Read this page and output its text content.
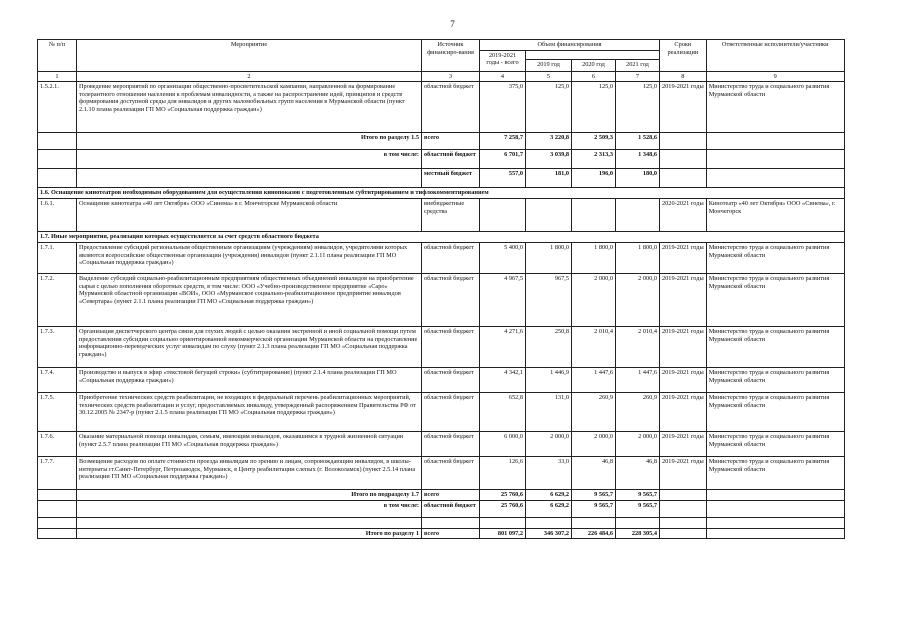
7
№ п/п	Мероприятие	Источник финансиро-вания	Объем финансирования				Сроки реализации	Ответственные исполнители/участники
			2019-2021 годы - всего					
				2019 год	2020 год	2021 год		
1	2	3	4	5	6	7	8	9
1.5.2.1.	Проведение мероприятий по организации общественно-просветительской кампании, направленной на формирование толерантного отношения населения к проблемам инвалидности, а также на распространение идей, принципов и средств формирования доступной среды для инвалидов и других маломобильных групп населения в Мурманской области (пункт 2.1.10 плана реализации ГП МО «Социальная поддержка граждан»)	областной бюджет	375,0	125,0	125,0	125,0	2019-2021 годы	Министерство труда и социального развития Мурманской области
	Итого по разделу 1.5	всего	7 258,7	3 220,8	2 509,3	1 528,6		
	в том числе:	областной бюджет	6 701,7	3 039,8	2 313,3	1 348,6		
		местный бюджет	557,0	181,0	196,0	180,0		
1.6. Оснащение кинотеатров необходимым оборудованием для осуществления кинопоказов с подготовленным субтитрированием и тифлокомментированием								
1.6.1.	Оснащение кинотеатра «40 лет Октября» ООО «Синема» в г. Мончегорске Мурманской области	внебюджетные средства					2020-2021 годы	Кинотеатр «40 лет Октября» ООО «Синема», г. Мончегорск
1.7. Иные мероприятия, реализация которых осуществляется за счет средств областного бюджета								
1.7.1.	Предоставление субсидий региональным общественным организациям (учреждениям) инвалидов, учредителями которых являются всероссийские общественные организации (учреждения) инвалидов (пункт 2.1.11 плана реализации ГП МО «Социальная поддержка граждан»)	областной бюджет	5 400,0	1 800,0	1 800,0	1 800,0	2019-2021 годы	Министерство труда и социального развития Мурманской области
1.7.2.	Выделение субсидий социально-реабилитационным предприятиям общественных объединений инвалидов на приобретение сырья с целью пополнения оборотных средств, в том числе: ООО «Учебно-производственное предприятие «Саро» Мурманской областной организации «ВОИ», ООО «Мурманское социально-реабилитационное предприятие инвалидов «Севертара» (пункт 2.1.1 плана реализации ГП МО «Социальная поддержка граждан»)	областной бюджет	4 967,5	967,5	2 000,0	2 000,0	2019-2021 годы	Министерство труда и социального развития Мурманской области
1.7.3.	Организация диспетчерского центра связи для глухих людей с целью оказания экстренной и иной социальной помощи путем предоставления субсидии социально ориентированной некоммерческой организации Мурманской области на предоставление информационно-переводческих услуг инвалидам по слуху (пункт 2.1.3 плана реализации ГП МО «Социальная поддержка граждан»)	областной бюджет	4 271,6	250,8	2 010,4	2 010,4	2019-2021 годы	Министерство труда и социального развития Мурманской области
1.7.4.	Производство и выпуск в эфир «текстовой бегущей строки» (субтитрирование) (пункт 2.1.4 плана реализации ГП МО «Социальная поддержка граждан»)	областной бюджет	4 342,1	1 446,9	1 447,6	1 447,6	2019-2021 годы	Министерство труда и социального развития Мурманской области
1.7.5.	Приобретение технических средств реабилитации, не входящих в федеральный перечень реабилитационных мероприятий, технических средств реабилитации и услуг, предоставляемых инвалиду, утвержденный распоряжением Правительства РФ от 30.12.2005 № 2347-р (пункт 2.1.5 плана реализации ГП МО «Социальная поддержка граждан»)	областной бюджет	652,8	131,0	260,9	260,9	2019-2021 годы	Министерство труда и социального развития Мурманской области
1.7.6.	Оказание материальной помощи инвалидам, семьям, имеющим инвалидов, оказавшимся в трудной жизненной ситуации (пункт 2.5.7 плана реализации ГП МО «Социальная поддержка граждан»)	областной бюджет	6 000,0	2 000,0	2 000,0	2 000,0	2019-2021 годы	Министерство труда и социального развития Мурманской области
1.7.7.	Возмещение расходов по оплате стоимости проезда инвалидам по зрению и лицам, сопровождающим инвалидов, в школы-интернаты гг.Санкт-Петербург, Петрозаводск, Мурманск, в Центр реабилитации слепых (г. Волоколамск) (пункт 2.5.14 плана реализации ГП МО «Социальная поддержка граждан»)	областной бюджет	126,6	33,0	46,8	46,8	2019-2021 годы	Министерство труда и социального развития Мурманской области
	Итого по подразделу 1.7	всего	25 760,6	6 629,2	9 565,7	9 565,7		
	в том числе:	областной бюджет	25 760,6	6 629,2	9 565,7	9 565,7		

	Итого по разделу 1	всего	801 097,2	346 307,2	226 484,6	228 305,4		
